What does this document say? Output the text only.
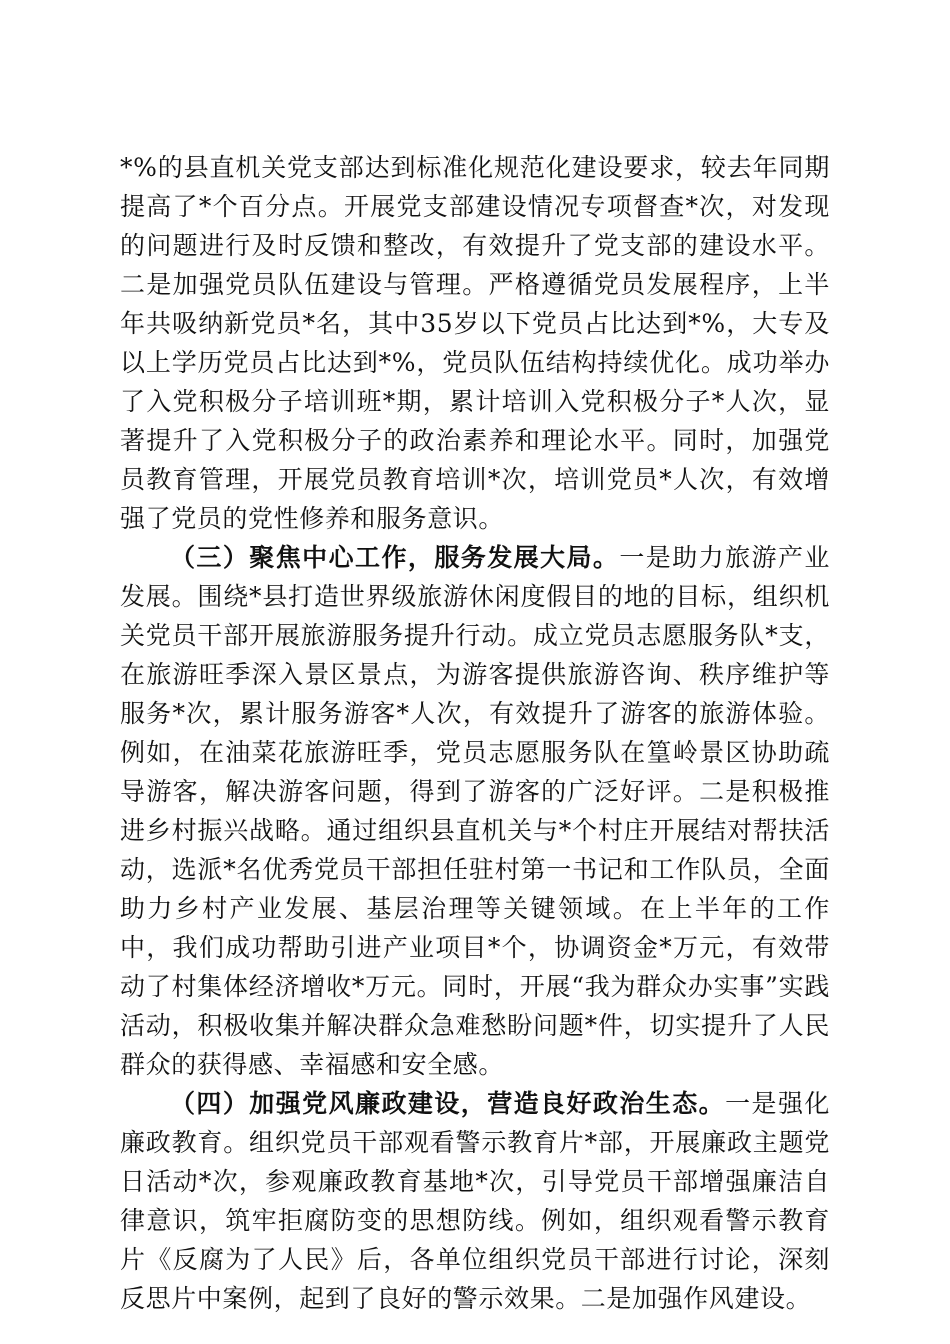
*%的县直机关党支部达到标准化规范化建设要求，较去年同期提高了*个百分点。开展党支部建设情况专项督查*次，对发现的问题进行及时反馈和整改，有效提升了党支部的建设水平。二是加强党员队伍建设与管理。严格遵循党员发展程序，上半年共吸纳新党员*名，其中35岁以下党员占比达到*%，大专及以上学历党员占比达到*%，党员队伍结构持续优化。成功举办了入党积极分子培训班*期，累计培训入党积极分子*人次，显著提升了入党积极分子的政治素养和理论水平。同时，加强党员教育管理，开展党员教育培训*次，培训党员*人次，有效增强了党员的党性修养和服务意识。

（三）聚焦中心工作，服务发展大局。一是助力旅游产业发展。围绕*县打造世界级旅游休闲度假目的地的目标，组织机关党员干部开展旅游服务提升行动。成立党员志愿服务队*支，在旅游旺季深入景区景点，为游客提供旅游咨询、秩序维护等服务*次，累计服务游客*人次，有效提升了游客的旅游体验。例如，在油菜花旅游旺季，党员志愿服务队在篁岭景区协助疏导游客，解决游客问题，得到了游客的广泛好评。二是积极推进乡村振兴战略。通过组织县直机关与*个村庄开展结对帮扶活动，选派*名优秀党员干部担任驻村第一书记和工作队员，全面助力乡村产业发展、基层治理等关键领域。在上半年的工作中，我们成功帮助引进产业项目*个，协调资金*万元，有效带动了村集体经济增收*万元。同时，开展“我为群众办实事”实践活动，积极收集并解决群众急难愁盼问题*件，切实提升了人民群众的获得感、幸福感和安全感。

（四）加强党风廉政建设，营造良好政治生态。一是强化廉政教育。组织党员干部观看警示教育片*部，开展廉政主题党日活动*次，参观廉政教育基地*次，引导党员干部增强廉洁自律意识，筑牢拒腐防变的思想防线。例如，组织观看警示教育片《反腐为了人民》后，各单位组织党员干部进行讨论，深刻反思片中案例，起到了良好的警示效果。二是加强作风建设。
